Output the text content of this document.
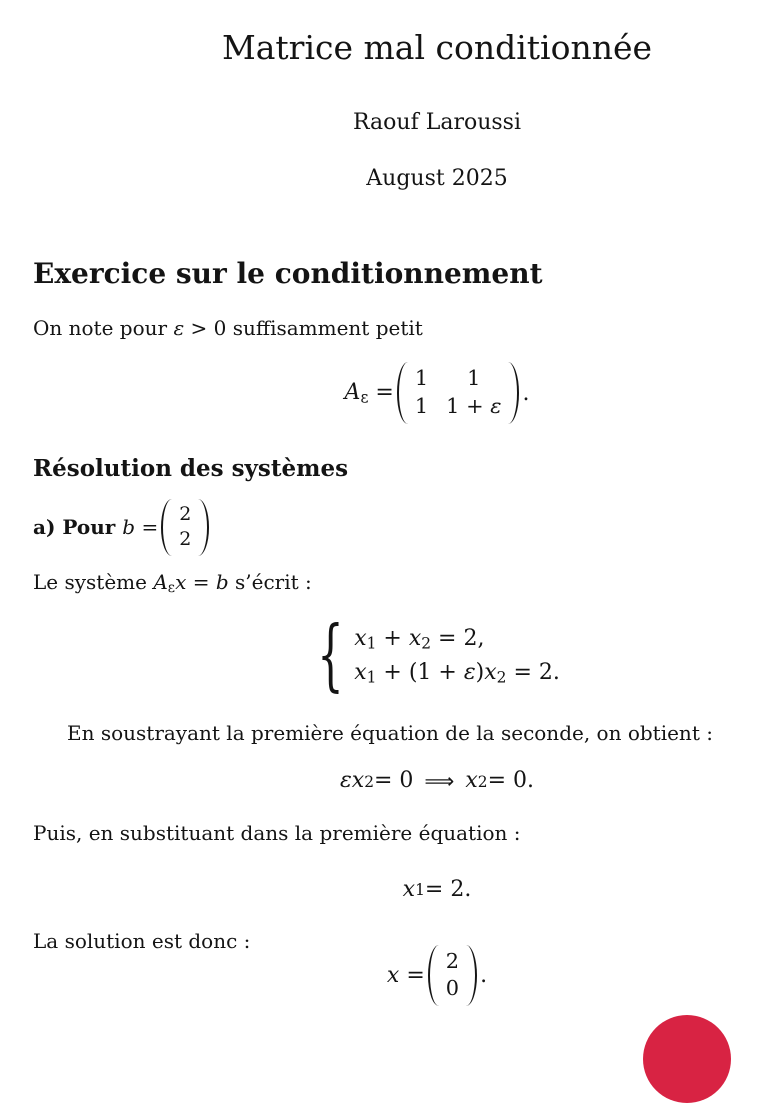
Matrice mal conditionnée
Raouf Laroussi
August 2025
Exercice sur le conditionnement

On note pour ε > 0 suffisamment petit

Aε =
1 1
1 1 + ε
.
Résolution des systèmes
a) Pour b =
2
2

Le système Aεx = b s’écrit :

{ x1 + x2 = 2,
x1 + (1 + ε)x2 = 2.

En soustrayant la première équation de la seconde, on obtient :

εx 2 = 0  ⟹
  x 2 = 0.

Puis, en substituant dans la première équation :

x 1 = 2.

La solution est donc :

x =
2
0
.
